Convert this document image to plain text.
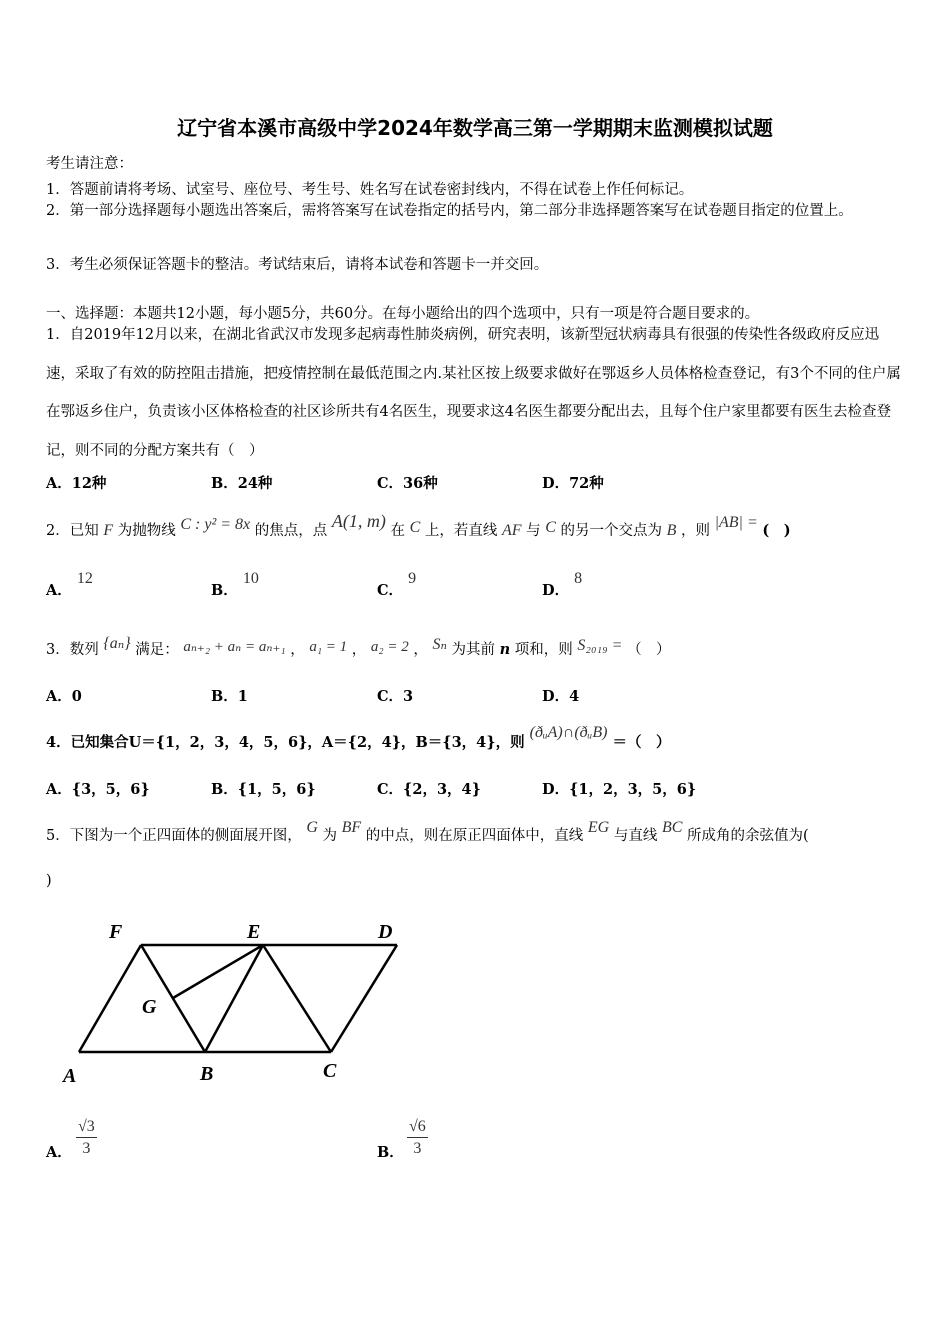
辽宁省本溪市高级中学2024年数学高三第一学期期末监测模拟试题
考生请注意：
1．答题前请将考场、试室号、座位号、考生号、姓名写在试卷密封线内，不得在试卷上作任何标记。
2．第一部分选择题每小题选出答案后，需将答案写在试卷指定的括号内，第二部分非选择题答案写在试卷题目指定的位置上。
3．考生必须保证答题卡的整洁。考试结束后，请将本试卷和答题卡一并交回。
一、选择题：本题共12小题，每小题5分，共60分。在每小题给出的四个选项中，只有一项是符合题目要求的。
1．自2019年12月以来，在湖北省武汉市发现多起病毒性肺炎病例，研究表明，该新型冠状病毒具有很强的传染性各级政府反应迅速，采取了有效的防控阻击措施，把疫情控制在最低范围之内.某社区按上级要求做好在鄂返乡人员体格检查登记，有3个不同的住户属在鄂返乡住户，负责该小区体格检查的社区诊所共有4名医生，现要求这4名医生都要分配出去，且每个住户家里都要有医生去检查登记，则不同的分配方案共有（　）
A．12种	B．24种	C．36种	D．72种
2．已知 F 为抛物线 C : y² = 8x 的焦点，点 A(1, m) 在 C 上，若直线 AF 与 C 的另一个交点为 B ，则 |AB| = (　)
A． 12
B． 10
C． 9
D． 8
3．数列 {aₙ} 满足： aₙ₊₂ + aₙ = aₙ₊₁ ， a₁ = 1 ， a₂ = 2 ， Sₙ 为其前 n 项和，则 S₂₀₁₉ = （　）
A．0	B．1	C．3	D．4
4．已知集合U＝{1，2，3，4，5，6}，A＝{2，4}，B＝{3，4}，则 (ðᵤA)∩(ðᵤB) ＝（　）
A．{3，5，6}	B．{1，5，6}	C．{2，3，4}	D．{1，2，3，5，6}
5．下图为一个正四面体的侧面展开图， G 为 BF 的中点，则在原正四面体中，直线 EG 与直线 BC 所成角的余弦值为(
)
F	E	D
G
A	B	C
A． $\frac{√3}{3}$	B． $\frac{√6}{3}$
